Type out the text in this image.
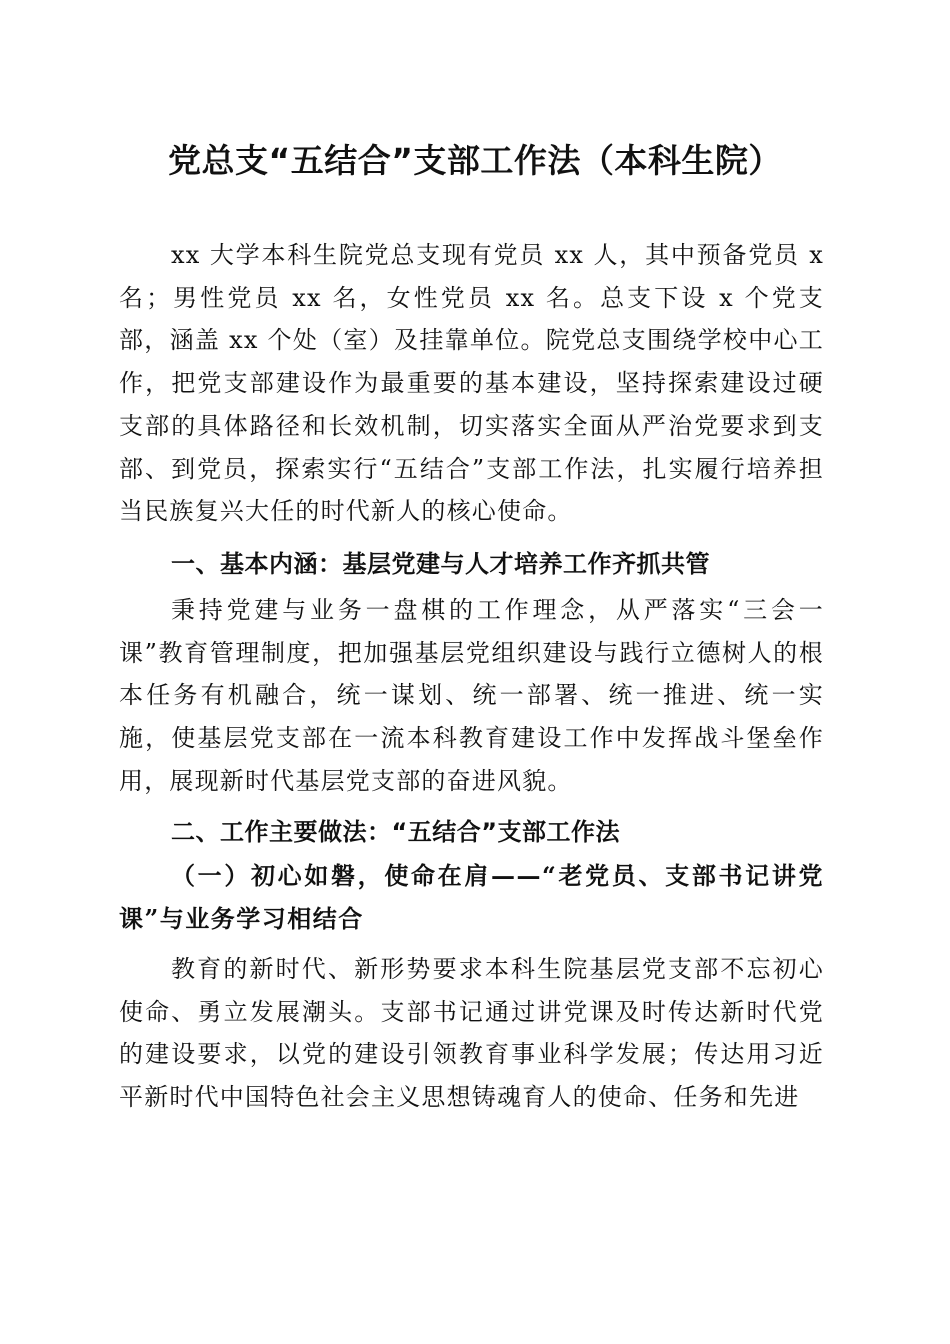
党总支“五结合”支部工作法（本科生院）

xx 大学本科生院党总支现有党员 xx 人，其中预备党员 x 名；男性党员 xx 名，女性党员 xx 名。总支下设 x 个党支部，涵盖 xx 个处（室）及挂靠单位。院党总支围绕学校中心工作，把党支部建设作为最重要的基本建设，坚持探索建设过硬支部的具体路径和长效机制，切实落实全面从严治党要求到支部、到党员，探索实行“五结合”支部工作法，扎实履行培养担当民族复兴大任的时代新人的核心使命。

一、基本内涵：基层党建与人才培养工作齐抓共管

秉持党建与业务一盘棋的工作理念，从严落实“三会一课”教育管理制度，把加强基层党组织建设与践行立德树人的根本任务有机融合，统一谋划、统一部署、统一推进、统一实施，使基层党支部在一流本科教育建设工作中发挥战斗堡垒作用，展现新时代基层党支部的奋进风貌。

二、工作主要做法：“五结合”支部工作法
（一）初心如磐，使命在肩——“老党员、支部书记讲党课”与业务学习相结合

教育的新时代、新形势要求本科生院基层党支部不忘初心使命、勇立发展潮头。支部书记通过讲党课及时传达新时代党的建设要求，以党的建设引领教育事业科学发展；传达用习近平新时代中国特色社会主义思想铸魂育人的使命、任务和先进
